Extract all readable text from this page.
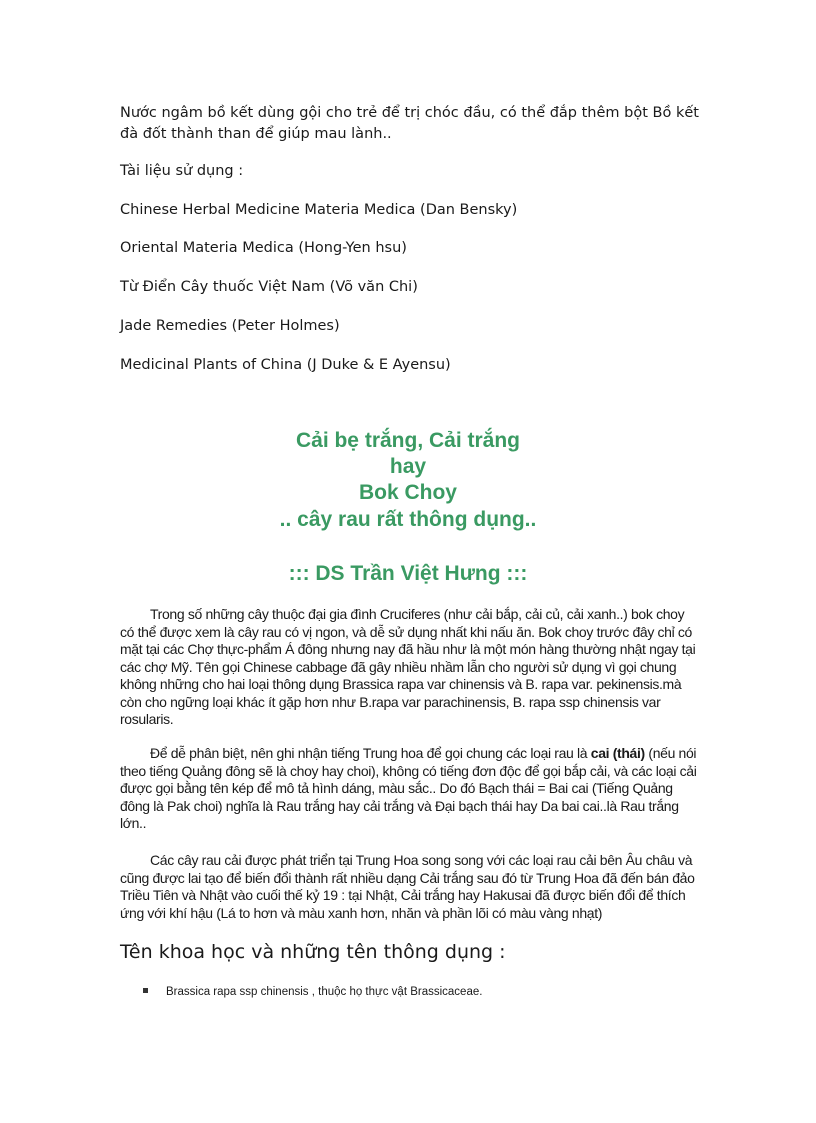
Nước ngâm bồ kết dùng gội cho trẻ để trị chóc đầu, có thể đắp thêm bột Bồ kết đà đốt thành than để giúp mau lành..

Tài liệu sử dụng :

Chinese Herbal Medicine Materia Medica (Dan Bensky)

Oriental Materia Medica (Hong-Yen hsu)

Từ Điển Cây thuốc Việt Nam (Võ văn Chi)

Jade Remedies (Peter Holmes)

Medicinal Plants of China (J Duke & E Ayensu)

Cải bẹ trắng, Cải trắng

hay

Bok Choy

.. cây rau rất thông dụng..

::: DS Trần Việt Hưng :::

Trong số những cây thuộc đại gia đình Cruciferes (như cải bắp, cải củ, cải xanh..) bok choy có thể được xem là cây rau có vị ngon, và dễ sử dụng nhất khi nấu ăn. Bok choy trước đây chỉ có mặt tại các Chợ thực-phẩm Á đông nhưng nay đã hầu như là một món hàng thường nhật ngay tại các chợ Mỹ. Tên gọi Chinese cabbage đã gây nhiều nhầm lẫn cho người sử dụng vì gọi chung không những cho hai loại thông dụng Brassica rapa var chinensis và B. rapa var. pekinensis.mà còn cho ngững loại khác ít gặp hơn như B.rapa var parachinensis, B. rapa ssp chinensis var rosularis.

Để dễ phân biệt, nên ghi nhận tiếng Trung hoa để gọi chung các loại rau là cai (thái) (nếu nói theo tiếng Quảng đông sẽ là choy hay choi), không có tiếng đơn độc để gọi bắp cải, và các loại cải được gọi bằng tên kép để mô tả hình dáng, màu sắc.. Do đó Bạch thái = Bai cai (Tiếng Quảng đông là Pak choi) nghĩa là Rau trắng hay cải trắng và Đại bạch thái hay Da bai cai..là Rau trắng lớn..

Các cây rau cải được phát triển tại Trung Hoa song song với các loại rau cải bên Âu châu và cũng được lai tạo để biến đổi thành rất nhiều dạng Cải trắng sau đó từ Trung Hoa đã đến bán đảo Triều Tiên và Nhật vào cuối thế kỷ 19 : tại Nhật, Cải trắng hay Hakusai đã được biến đổi để thích ứng với khí hậu (Lá to hơn và màu xanh hơn, nhăn và phần lõi có màu vàng nhạt)

Tên khoa học và những tên thông dụng :
Brassica rapa ssp chinensis , thuộc họ thực vật Brassicaceae.
